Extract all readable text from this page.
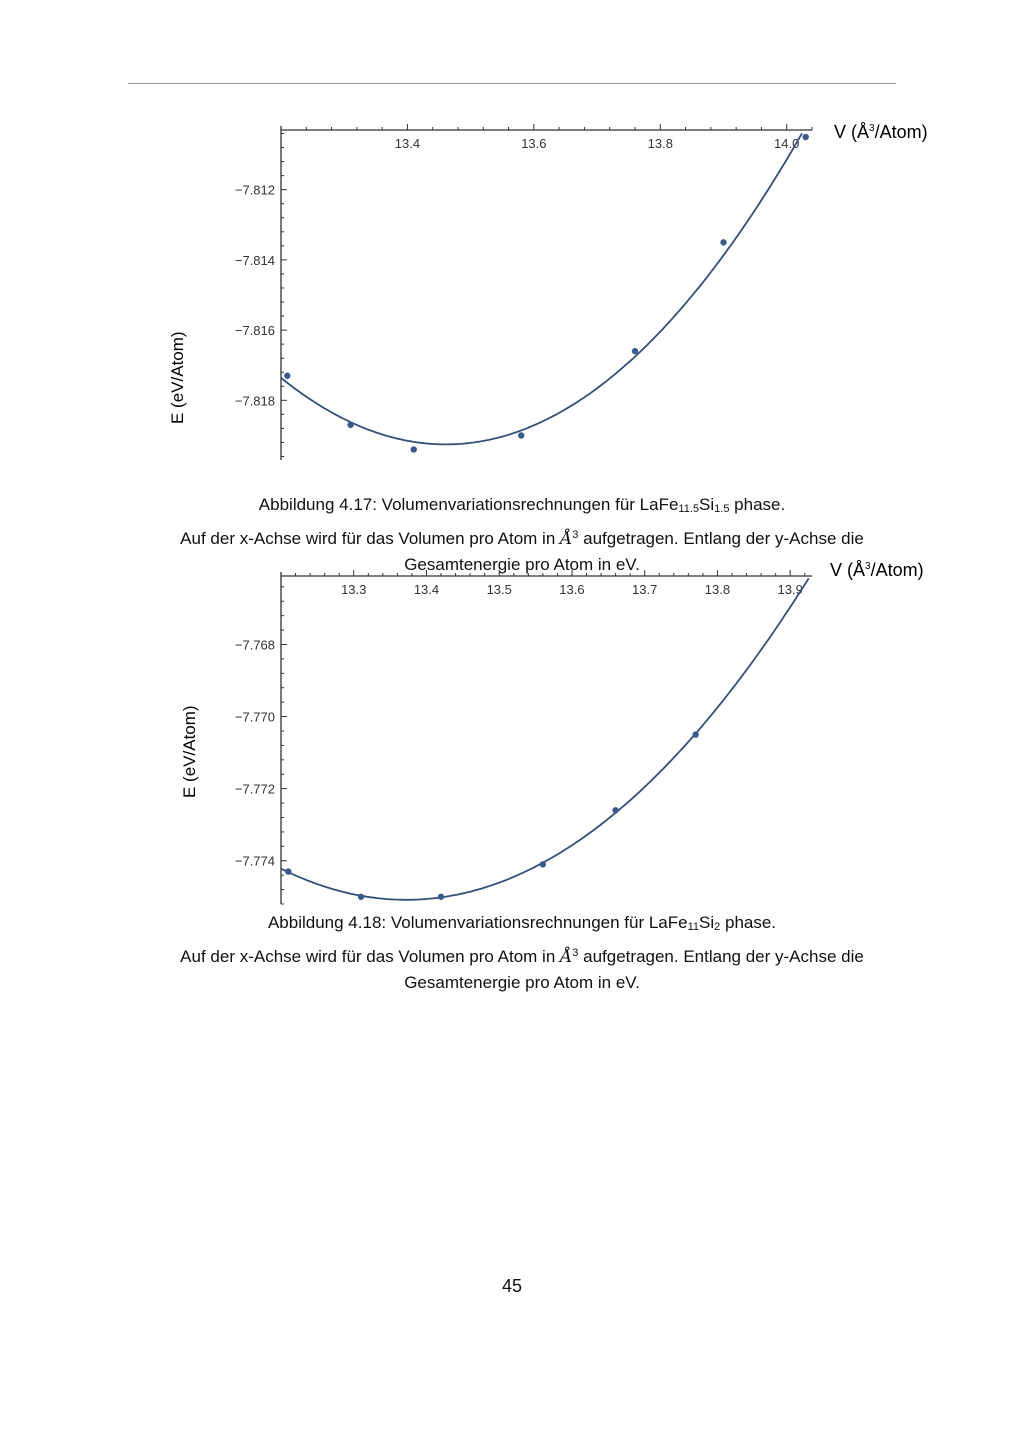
13.4	13.6	13.8	14.0
−7.812
−7.814
−7.816
−7.818
E (eV/Atom)
V $(Å^3/Atom)$
Abbildung 4.17: Volumenvariationsrechnungen für $LaFe_{11.5}Si_{1.5}$ phase.
Auf der x-Achse wird für das Volumen pro Atom in $Å^3$ aufgetragen. Entlang der y-Achse die
Gesamtenergie pro Atom in eV.
13.3	13.4	13.5	13.6	13.7	13.8	13.9
−7.768
−7.770
−7.772
−7.774
E (eV/Atom)
V $(Å^3/Atom)$
Abbildung 4.18: Volumenvariationsrechnungen für $LaFe_{11}Si_2$ phase.
Auf der x-Achse wird für das Volumen pro Atom in $Å^3$ aufgetragen. Entlang der y-Achse die
Gesamtenergie pro Atom in eV.
45
